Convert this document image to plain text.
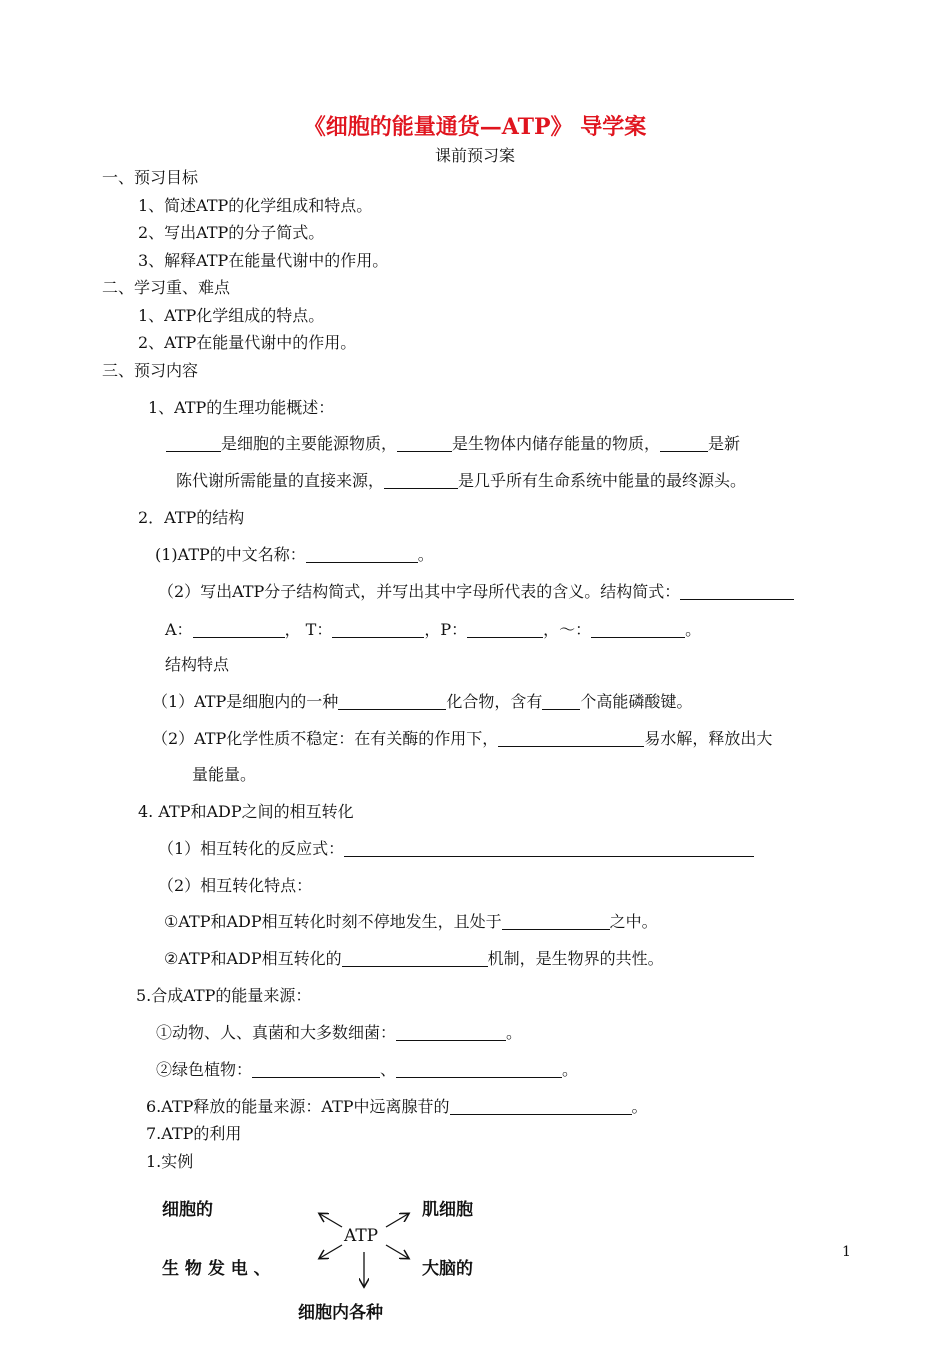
《细胞的能量通货—ATP》 导学案
课前预习案
一、预习目标
1、简述ATP的化学组成和特点。
2、写出ATP的分子简式。
3、解释ATP在能量代谢中的作用。
二、学习重、难点
1、ATP化学组成的特点。
2、ATP在能量代谢中的作用。
三、预习内容
1、ATP的生理功能概述：
是细胞的主要能源物质，	是生物体内储存能量的物质，	是新
陈代谢所需能量的直接来源，	是几乎所有生命系统中能量的最终源头。
2．ATP的结构
(1)ATP的中文名称：	。
（2）写出ATP分子结构简式，并写出其中字母所代表的含义。结构简式：
A：	， T：	，P：	，～：	。
结构特点
（1）ATP是细胞内的一种	化合物，含有 个高能磷酸键。
（2）ATP化学性质不稳定：在有关酶的作用下，	易水解，释放出大
量能量。
4. ATP和ADP之间的相互转化
（1）相互转化的反应式：
（2）相互转化特点：
①ATP和ADP相互转化时刻不停地发生，且处于	之中。
②ATP和ADP相互转化的	机制，是生物界的共性。
5.合成ATP的能量来源：
①动物、人、真菌和大多数细菌：	。
②绿色植物：	、	。
6.ATP释放的能量来源：ATP中远离腺苷的	。
7.ATP的利用
1.实例
细胞的	肌细胞
生 物 发 电 、	大脑的
细胞内各种
ATP
1
